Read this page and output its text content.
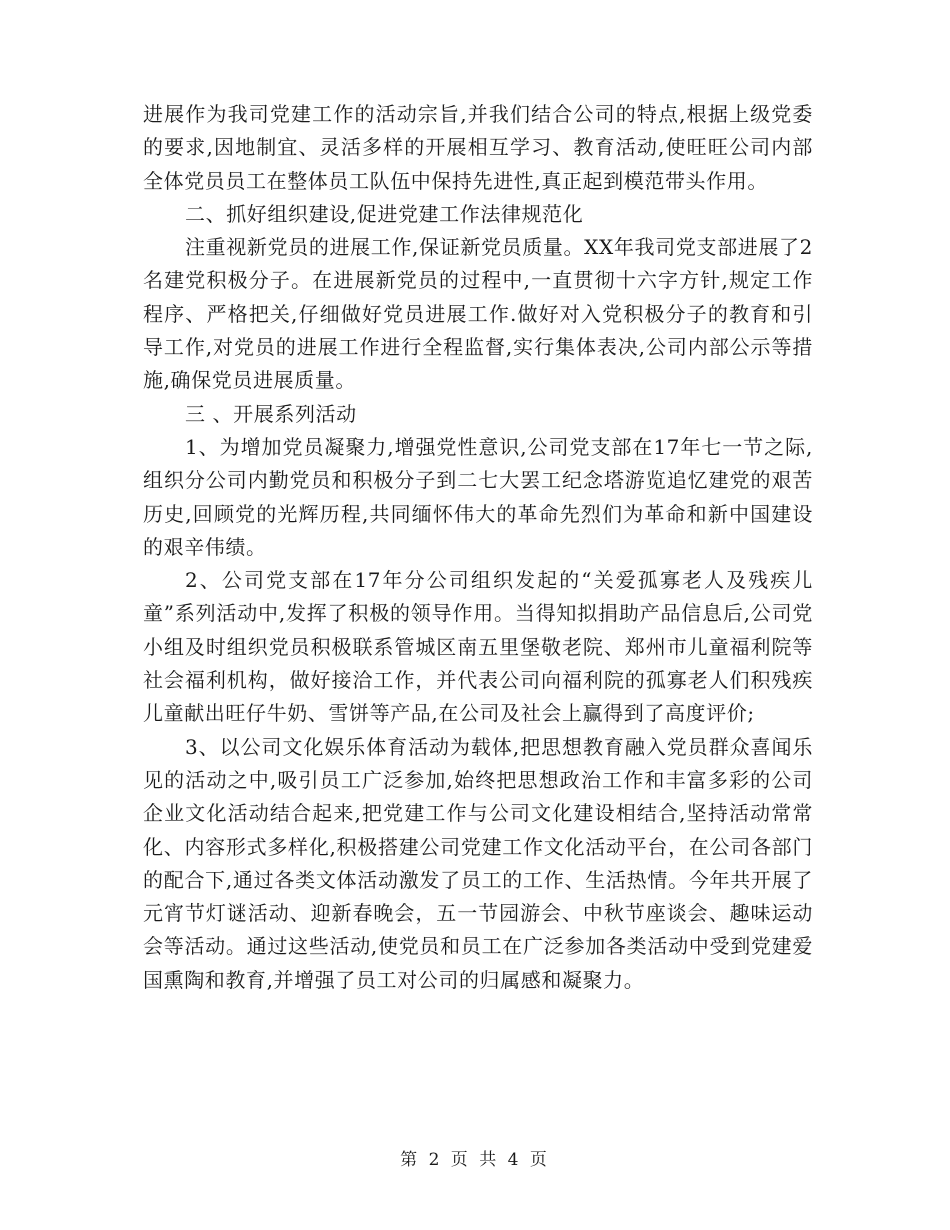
进展作为我司党建工作的活动宗旨,并我们结合公司的特点,根据上级党委的要求,因地制宜、灵活多样的开展相互学习、教育活动,使旺旺公司内部全体党员员工在整体员工队伍中保持先进性,真正起到模范带头作用。

二、抓好组织建设,促进党建工作法律规范化

注重视新党员的进展工作,保证新党员质量。XX年我司党支部进展了2名建党积极分子。在进展新党员的过程中,一直贯彻十六字方针,规定工作程序、严格把关,仔细做好党员进展工作.做好对入党积极分子的教育和引导工作,对党员的进展工作进行全程监督,实行集体表决,公司内部公示等措施,确保党员进展质量。

三 、开展系列活动

1、为增加党员凝聚力,增强党性意识,公司党支部在17年七一节之际,组织分公司内勤党员和积极分子到二七大罢工纪念塔游览追忆建党的艰苦历史,回顾党的光辉历程,共同缅怀伟大的革命先烈们为革命和新中国建设的艰辛伟绩。

2、公司党支部在17年分公司组织发起的“关爱孤寡老人及残疾儿童”系列活动中,发挥了积极的领导作用。当得知拟捐助产品信息后,公司党小组及时组织党员积极联系管城区南五里堡敬老院、郑州市儿童福利院等社会福利机构，做好接洽工作，并代表公司向福利院的孤寡老人们积残疾儿童献出旺仔牛奶、雪饼等产品,在公司及社会上赢得到了高度评价;

3、以公司文化娱乐体育活动为载体,把思想教育融入党员群众喜闻乐见的活动之中,吸引员工广泛参加,始终把思想政治工作和丰富多彩的公司企业文化活动结合起来,把党建工作与公司文化建设相结合,坚持活动常常化、内容形式多样化,积极搭建公司党建工作文化活动平台，在公司各部门的配合下,通过各类文体活动激发了员工的工作、生活热情。今年共开展了元宵节灯谜活动、迎新春晚会，五一节园游会、中秋节座谈会、趣味运动会等活动。通过这些活动,使党员和员工在广泛参加各类活动中受到党建爱国熏陶和教育,并增强了员工对公司的归属感和凝聚力。

第 2 页 共 4 页
